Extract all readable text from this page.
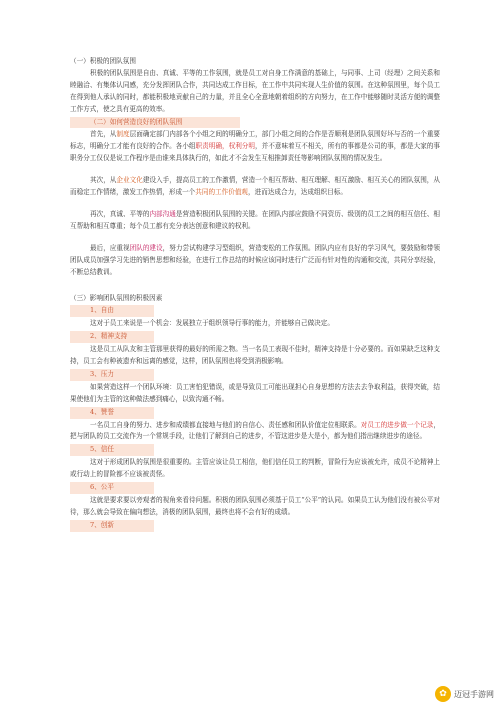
（一）积极的团队氛围

积极的团队氛围是自由、真诚、平等的工作氛围，就是员工对自身工作满意的基础上，与同事、上司（经理）之间关系和睦融洽、有集体认同感，充分发挥团队合作，共同达成工作目标，在工作中共同实现人生价值的氛围。在这种氛围里，每个员工在得到他人承认的同时，都能积极地贡献自己的力量，并且全心全意地朝着组织的方向努力，在工作中能够随时灵活方便的调整工作方式，使之具有更高的效率。

（二）如何营造良好的团队氛围

首先，从制度层面确定部门内部各个小组之间的明确分工，部门小组之间的合作是否顺利是团队氛围好坏与否的一个重要标志，明确分工才能有良好的合作。各小组职责明确，权利分明，并不意味着互不相关，所有的事都是公司的事，都是大家的事职务分工仅仅是说工作程序是由谁来具体执行的，如此才不会发生互相推卸责任等影响团队氛围的情况发生。

其次，从企业文化建设入手，提高员工的工作激情，营造一个相互帮助、相互理解、相互激励、相互关心的团队氛围，从而稳定工作情绪，激发工作热情，形成一个共同的工作价值观，进而达成合力，达成组织目标。

再次，真诚、平等的内部沟通是营造积极团队氛围的关键。在团队内部应鼓励不同资历、级别的员工之间的相互信任、相互帮助和相互尊重；每个员工都有充分表达创意和建议的权利。

最后，应重视团队的建设，努力尝试构建学习型组织，营造变松的工作氛围。团队内应有良好的学习风气，要鼓励和带领团队成员加强学习先进的销售思想和经验，在进行工作总结的时候应该同时进行广泛而有针对性的沟通和交流，共同分享经验，不断总结教训。

（三）影响团队氛围的积极因素
1、自由

这对于员工来说是一个机会：发展独立于组织领导行事的能力，并能够自己做决定。

2、精神支持

这是员工从队友和主管那里获得的最好的所需之物。当一名员工表现不佳时，精神支持是十分必要的。而如果缺乏这种支持，员工会有种被遗弃和远离的感觉，这样，团队氛围也将受到消极影响。

3、压力

如果营造这样一个团队环境：员工害怕犯错误，或是导致员工可能出现担心自身思想的方法去去争取利益，获得突破，结果使他们为主管的这种做法感到痛心，以致沟通不畅。

4、赞誉

一名员工自身的努力、进步和成绩都直接地与他们的自信心、责任感和团队价值定位相联系。对员工的进步做一个记录，把与团队的员工交流作为一个常规手段，让他们了解到自己的进步，不管这进步是大是小，都为他们指出继续进步的途径。

5、信任

这对于形成团队的氛围是很重要的。主管应该让员工相信，他们信任员工的判断，冒险行为应该被允许，成员不论精神上或行动上的冒险都不应该被责怪。

6、公平

这就是要求要以旁观者的视角来看待问题。积极的团队氛围必须基于员工“公平”的认同。如果员工认为他们没有被公平对待，那么就会导致在偏向想法，消极的团队氛围，最终也将不会有好的成绩。

7、创新
✿ 迈冠手游网
